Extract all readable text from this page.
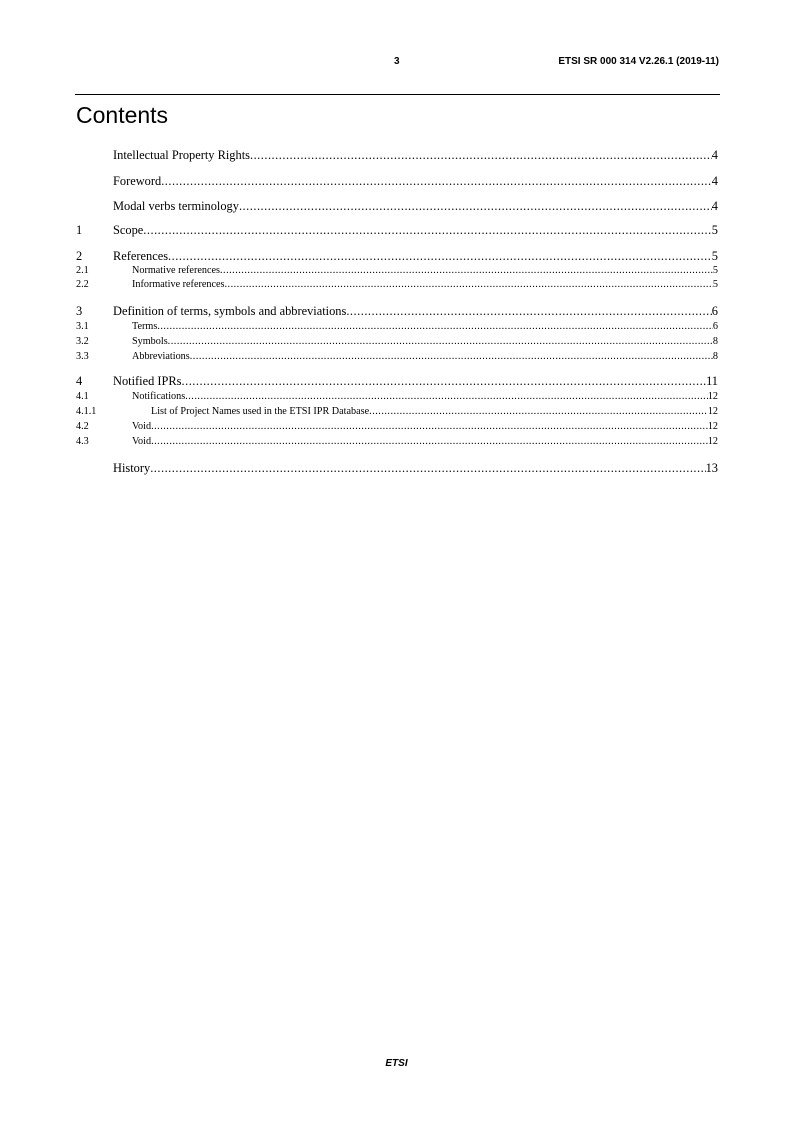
3	ETSI SR 000 314 V2.26.1 (2019-11)
Contents
Intellectual Property Rights .....	4
Foreword .....	4
Modal verbs terminology .....	4
1	Scope .....	5
2	References .....	5
2.1	Normative references .....	5
2.2	Informative references .....	5
3	Definition of terms, symbols and abbreviations .....	6
3.1	Terms .....	6
3.2	Symbols .....	8
3.3	Abbreviations .....	8
4	Notified IPRs .....	11
4.1	Notifications .....	12
4.1.1	List of Project Names used in the ETSI IPR Database .....	12
4.2	Void .....	12
4.3	Void .....	12
History .....	13
ETSI
